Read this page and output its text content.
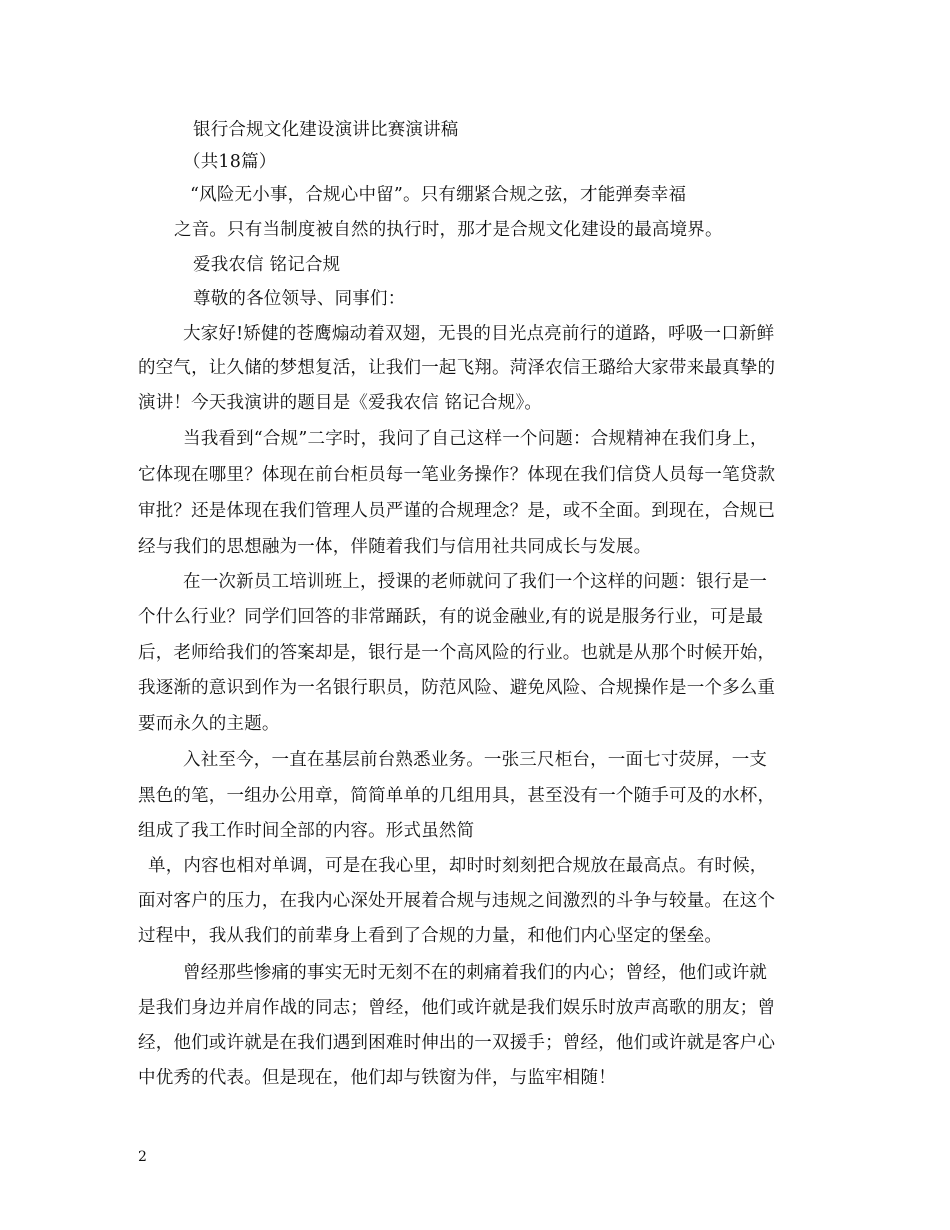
银行合规文化建设演讲比赛演讲稿
（共18篇）
“风险无小事，合规心中留”。只有绷紧合规之弦，才能弹奏幸福
之音。只有当制度被自然的执行时，那才是合规文化建设的最高境界。
爱我农信 铭记合规
尊敬的各位领导、同事们：
大家好!矫健的苍鹰煽动着双翅，无畏的目光点亮前行的道路，呼吸一口新鲜
的空气，让久储的梦想复活，让我们一起飞翔。菏泽农信王璐给大家带来最真挚的
演讲！今天我演讲的题目是《爱我农信 铭记合规》。
当我看到“合规”二字时，我问了自己这样一个问题：合规精神在我们身上，
它体现在哪里？体现在前台柜员每一笔业务操作？体现在我们信贷人员每一笔贷款
审批？还是体现在我们管理人员严谨的合规理念？是，或不全面。到现在，合规已
经与我们的思想融为一体，伴随着我们与信用社共同成长与发展。
在一次新员工培训班上，授课的老师就问了我们一个这样的问题：银行是一
个什么行业？同学们回答的非常踊跃，有的说金融业,有的说是服务行业，可是最
后，老师给我们的答案却是，银行是一个高风险的行业。也就是从那个时候开始，
我逐渐的意识到作为一名银行职员，防范风险、避免风险、合规操作是一个多么重
要而永久的主题。
入社至今，一直在基层前台熟悉业务。一张三尺柜台，一面七寸荧屏，一支
黑色的笔，一组办公用章，简简单单的几组用具，甚至没有一个随手可及的水杯，
组成了我工作时间全部的内容。形式虽然简
单，内容也相对单调，可是在我心里，却时时刻刻把合规放在最高点。有时候，
面对客户的压力，在我内心深处开展着合规与违规之间激烈的斗争与较量。在这个
过程中，我从我们的前辈身上看到了合规的力量，和他们内心坚定的堡垒。
曾经那些惨痛的事实无时无刻不在的刺痛着我们的内心；曾经，他们或许就
是我们身边并肩作战的同志；曾经，他们或许就是我们娱乐时放声高歌的朋友；曾
经，他们或许就是在我们遇到困难时伸出的一双援手；曾经，他们或许就是客户心
中优秀的代表。但是现在，他们却与铁窗为伴，与监牢相随！
2
